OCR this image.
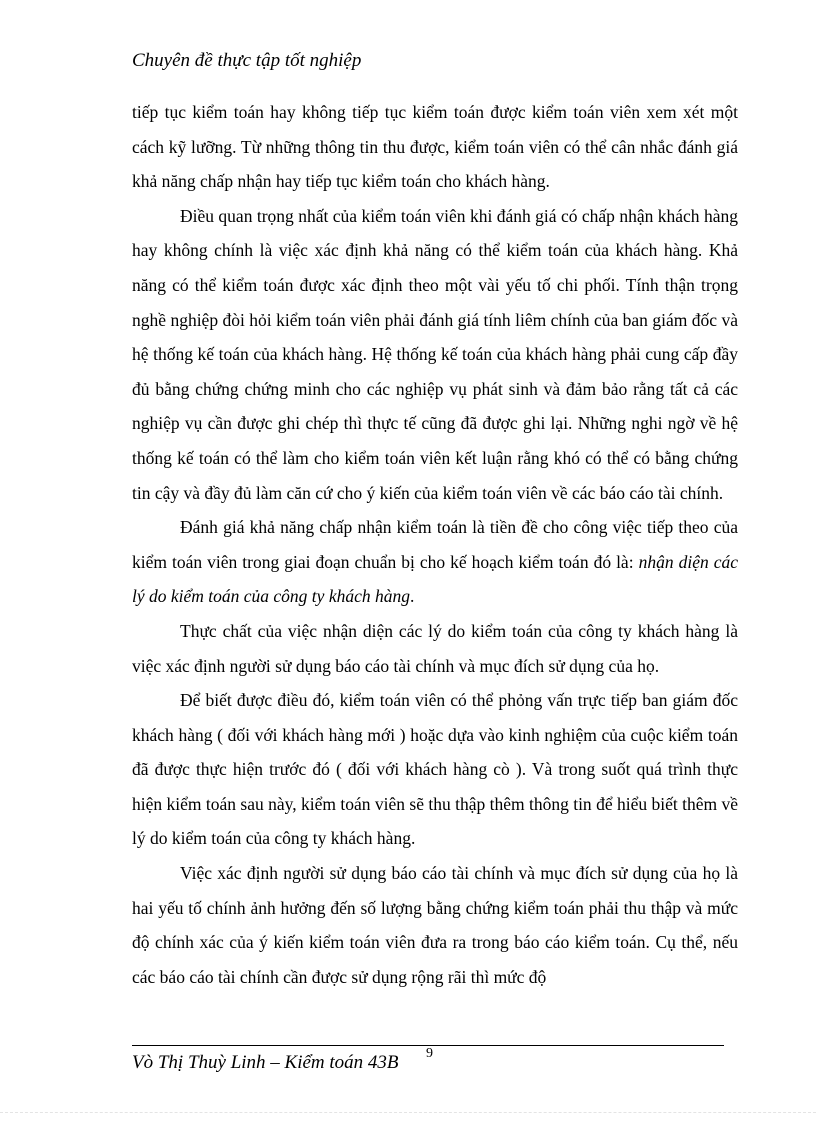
Chuyên đề thực tập tốt nghiệp

tiếp tục kiểm toán hay không tiếp tục kiểm toán được kiểm toán viên xem xét một cách kỹ lưỡng. Từ những thông tin thu được, kiểm toán viên có thể cân nhắc đánh giá khả năng chấp nhận hay tiếp tục kiểm toán cho khách hàng.

Điều quan trọng nhất của kiểm toán viên khi đánh giá có chấp nhận khách hàng hay không chính là việc xác định khả năng có thể kiểm toán của khách hàng. Khả năng có thể kiểm toán được xác định theo một vài yếu tố chi phối. Tính thận trọng nghề nghiệp đòi hỏi kiểm toán viên phải đánh giá tính liêm chính của ban giám đốc và hệ thống kế toán của khách hàng. Hệ thống kế toán của khách hàng phải cung cấp đầy đủ bằng chứng chứng minh cho các nghiệp vụ phát sinh và đảm bảo rằng tất cả các nghiệp vụ cần được ghi chép thì thực tế cũng đã được ghi lại. Những nghi ngờ về hệ thống kế toán có thể làm cho kiểm toán viên kết luận rằng khó có thể có bằng chứng tin cậy và đầy đủ làm căn cứ cho ý kiến của kiểm toán viên về các báo cáo tài chính.

Đánh giá khả năng chấp nhận kiểm toán là tiền đề cho công việc tiếp theo của kiểm toán viên trong giai đoạn chuẩn bị cho kế hoạch kiểm toán đó là: nhận diện các lý do kiểm toán của công ty khách hàng.

Thực chất của việc nhận diện các lý do kiểm toán của công ty khách hàng là việc xác định người sử dụng báo cáo tài chính và mục đích sử dụng của họ.

Để biết được điều đó, kiểm toán viên có thể phỏng vấn trực tiếp ban giám đốc khách hàng ( đối với khách hàng mới ) hoặc dựa vào kinh nghiệm của cuộc kiểm toán đã được thực hiện trước đó ( đối với khách hàng cò ). Và trong suốt quá trình thực hiện kiểm toán sau này, kiểm toán viên sẽ thu thập thêm thông tin để hiểu biết thêm về lý do kiểm toán của công ty khách hàng.

Việc xác định người sử dụng báo cáo tài chính và mục đích sử dụng của họ là hai yếu tố chính ảnh hưởng đến số lượng bằng chứng kiểm toán phải thu thập và mức độ chính xác của ý kiến kiểm toán viên đưa ra trong báo cáo kiểm toán. Cụ thể, nếu các báo cáo tài chính cần được sử dụng rộng rãi thì mức độ

Vò Thị Thuỳ Linh – Kiểm toán 43B 9
